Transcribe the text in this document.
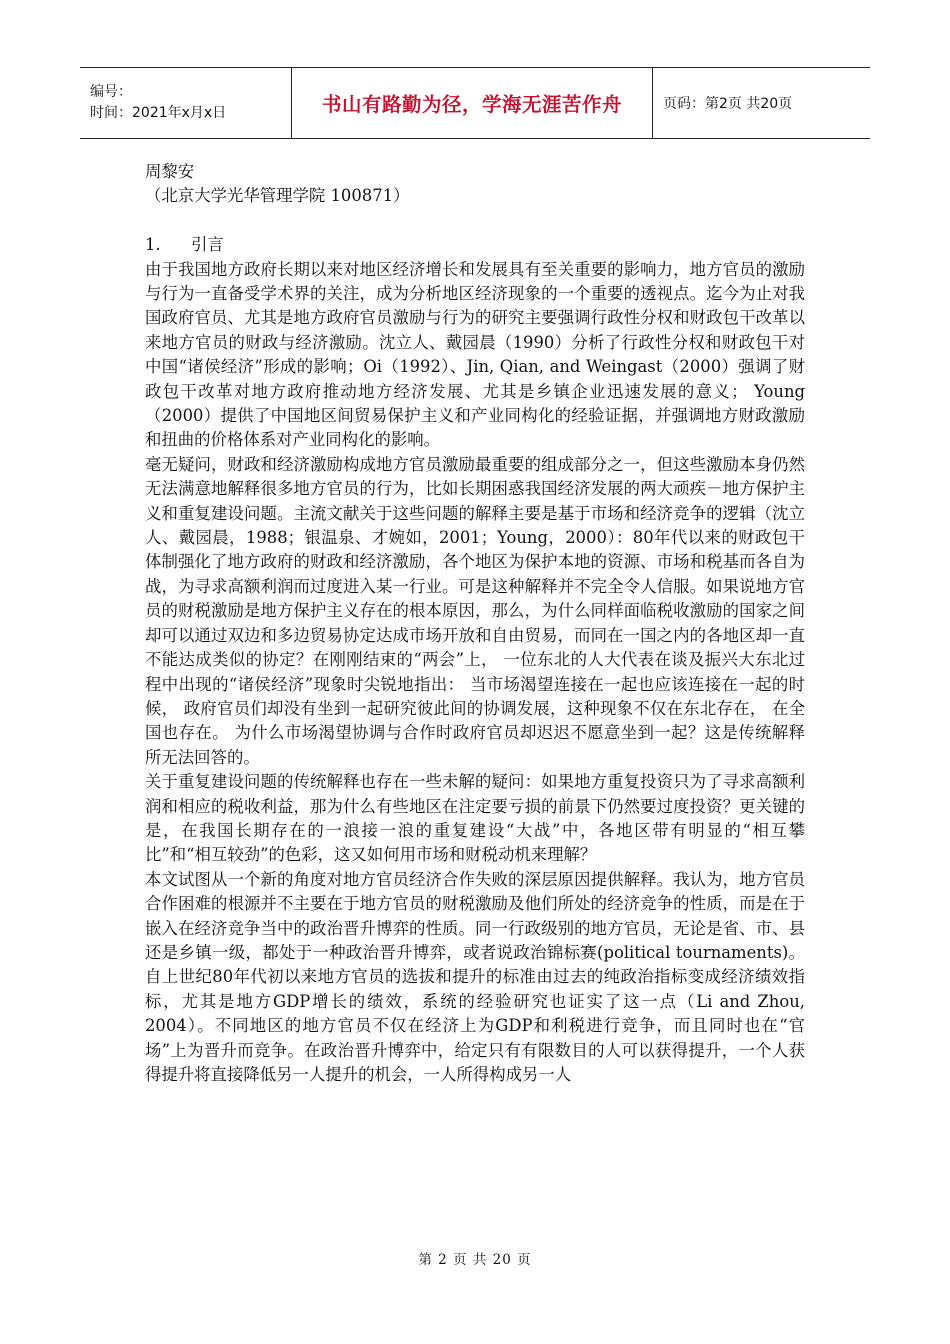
编号：
时间：2021年x月x日	书山有路勤为径，学海无涯苦作舟	页码：第2页 共20页

周黎安

（北京大学光华管理学院 100871）

1. 引言

由于我国地方政府长期以来对地区经济增长和发展具有至关重要的影响力，地方官员的激励与行为一直备受学术界的关注，成为分析地区经济现象的一个重要的透视点。迄今为止对我国政府官员、尤其是地方政府官员激励与行为的研究主要强调行政性分权和财政包干改革以来地方官员的财政与经济激励。沈立人、戴园晨（1990）分析了行政性分权和财政包干对中国“诸侯经济”形成的影响；Oi（1992）、Jin, Qian, and Weingast（2000）强调了财政包干改革对地方政府推动地方经济发展、尤其是乡镇企业迅速发展的意义； Young（2000）提供了中国地区间贸易保护主义和产业同构化的经验证据，并强调地方财政激励和扭曲的价格体系对产业同构化的影响。

毫无疑问，财政和经济激励构成地方官员激励最重要的组成部分之一，但这些激励本身仍然无法满意地解释很多地方官员的行为，比如长期困惑我国经济发展的两大顽疾－地方保护主义和重复建设问题。主流文献关于这些问题的解释主要是基于市场和经济竞争的逻辑（沈立人、戴园晨，1988；银温泉、才婉如，2001；Young，2000）：80年代以来的财政包干体制强化了地方政府的财政和经济激励，各个地区为保护本地的资源、市场和税基而各自为战，为寻求高额利润而过度进入某一行业。可是这种解释并不完全令人信服。如果说地方官员的财税激励是地方保护主义存在的根本原因，那么，为什么同样面临税收激励的国家之间却可以通过双边和多边贸易协定达成市场开放和自由贸易，而同在一国之内的各地区却一直不能达成类似的协定？在刚刚结束的“两会”上， 一位东北的人大代表在谈及振兴大东北过程中出现的“诸侯经济”现象时尖锐地指出： 当市场渴望连接在一起也应该连接在一起的时候， 政府官员们却没有坐到一起研究彼此间的协调发展，这种现象不仅在东北存在， 在全国也存在。 为什么市场渴望协调与合作时政府官员却迟迟不愿意坐到一起？这是传统解释所无法回答的。

关于重复建设问题的传统解释也存在一些未解的疑问：如果地方重复投资只为了寻求高额利润和相应的税收利益，那为什么有些地区在注定要亏损的前景下仍然要过度投资？更关键的是，在我国长期存在的一浪接一浪的重复建设“大战”中，各地区带有明显的“相互攀比”和“相互较劲”的色彩，这又如何用市场和财税动机来理解？

本文试图从一个新的角度对地方官员经济合作失败的深层原因提供解释。我认为，地方官员合作困难的根源并不主要在于地方官员的财税激励及他们所处的经济竞争的性质，而是在于嵌入在经济竞争当中的政治晋升博弈的性质。同一行政级别的地方官员，无论是省、市、县还是乡镇一级，都处于一种政治晋升博弈，或者说政治锦标赛(political tournaments)。自上世纪80年代初以来地方官员的选拔和提升的标准由过去的纯政治指标变成经济绩效指标，尤其是地方GDP增长的绩效，系统的经验研究也证实了这一点（Li and Zhou, 2004）。不同地区的地方官员不仅在经济上为GDP和利税进行竞争，而且同时也在“官场”上为晋升而竞争。在政治晋升博弈中，给定只有有限数目的人可以获得提升，一个人获得提升将直接降低另一人提升的机会，一人所得构成另一人

第 2 页 共 20 页
